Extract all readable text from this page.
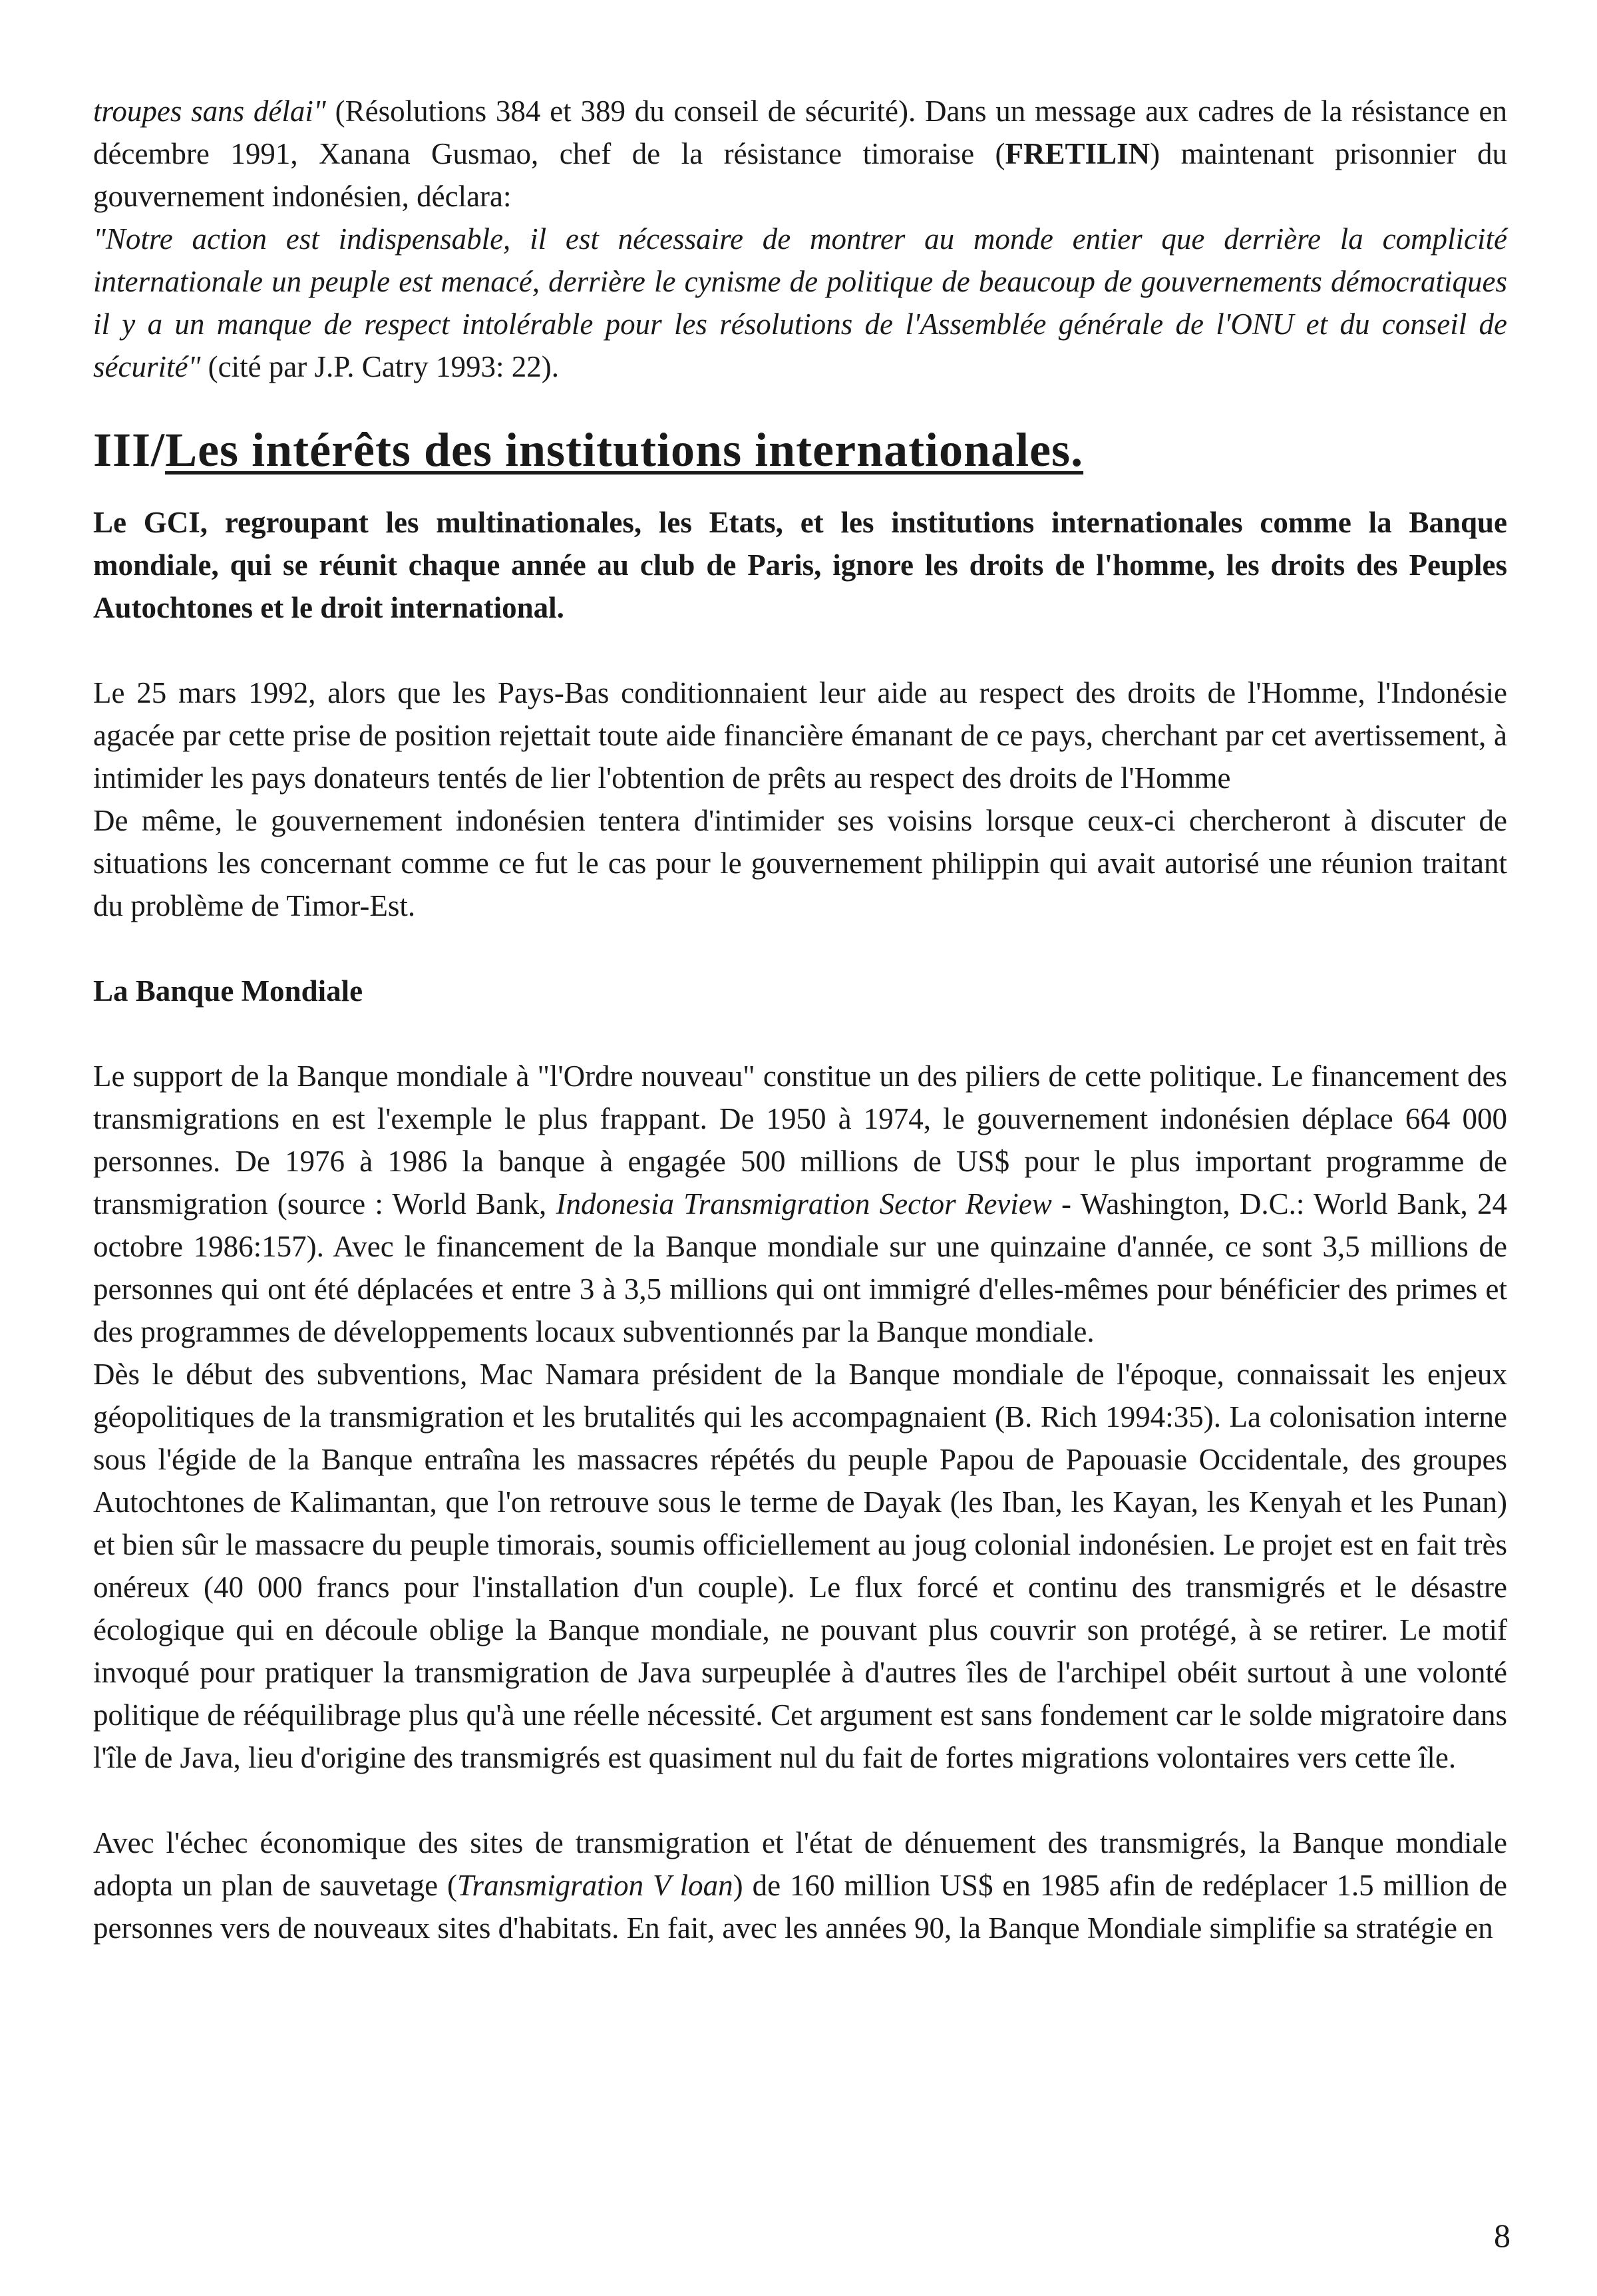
troupes sans délai" (Résolutions 384 et 389 du conseil de sécurité). Dans un message aux cadres de la résistance en décembre 1991, Xanana Gusmao, chef de la résistance timoraise (FRETILIN) maintenant prisonnier du gouvernement indonésien, déclara:
"Notre action est indispensable, il est nécessaire de montrer au monde entier que derrière la complicité internationale un peuple est menacé, derrière le cynisme de politique de beaucoup de gouvernements démocratiques il y a un manque de respect intolérable pour les résolutions de l'Assemblée générale de l'ONU et du conseil de sécurité" (cité par J.P. Catry 1993: 22).

III/Les intérêts des institutions internationales.

Le GCI, regroupant les multinationales, les Etats, et les institutions internationales comme la Banque mondiale, qui se réunit chaque année au club de Paris, ignore les droits de l'homme, les droits des Peuples Autochtones et le droit international.

Le 25 mars 1992, alors que les Pays-Bas conditionnaient leur aide au respect des droits de l'Homme, l'Indonésie agacée par cette prise de position rejettait toute aide financière émanant de ce pays, cherchant par cet avertissement, à intimider les pays donateurs tentés de lier l'obtention de prêts au respect des droits de l'Homme

De même, le gouvernement indonésien tentera d'intimider ses voisins lorsque ceux-ci chercheront à discuter de situations les concernant comme ce fut le cas pour le gouvernement philippin qui avait autorisé une réunion traitant du problème de Timor-Est.

La Banque Mondiale

Le support de la Banque mondiale à "l'Ordre nouveau" constitue un des piliers de cette politique. Le financement des transmigrations en est l'exemple le plus frappant. De 1950 à 1974, le gouvernement indonésien déplace 664 000 personnes. De 1976 à 1986 la banque à engagée 500 millions de US$ pour le plus important programme de transmigration (source : World Bank, Indonesia Transmigration Sector Review - Washington, D.C.: World Bank, 24 octobre 1986:157). Avec le financement de la Banque mondiale sur une quinzaine d'année, ce sont 3,5 millions de personnes qui ont été déplacées et entre 3 à 3,5 millions qui ont immigré d'elles-mêmes pour bénéficier des primes et des programmes de développements locaux subventionnés par la Banque mondiale.

Dès le début des subventions, Mac Namara président de la Banque mondiale de l'époque, connaissait les enjeux géopolitiques de la transmigration et les brutalités qui les accompagnaient (B. Rich 1994:35). La colonisation interne sous l'égide de la Banque entraîna les massacres répétés du peuple Papou de Papouasie Occidentale, des groupes Autochtones de Kalimantan, que l'on retrouve sous le terme de Dayak (les Iban, les Kayan, les Kenyah et les Punan) et bien sûr le massacre du peuple timorais, soumis officiellement au joug colonial indonésien. Le projet est en fait très onéreux (40 000 francs pour l'installation d'un couple). Le flux forcé et continu des transmigrés et le désastre écologique qui en découle oblige la Banque mondiale, ne pouvant plus couvrir son protégé, à se retirer. Le motif invoqué pour pratiquer la transmigration de Java surpeuplée à d'autres îles de l'archipel obéit surtout à une volonté politique de rééquilibrage plus qu'à une réelle nécessité. Cet argument est sans fondement car le solde migratoire dans l'île de Java, lieu d'origine des transmigrés est quasiment nul du fait de fortes migrations volontaires vers cette île.

Avec l'échec économique des sites de transmigration et l'état de dénuement des transmigrés, la Banque mondiale adopta un plan de sauvetage (Transmigration V loan) de 160 million US$ en 1985 afin de redéplacer 1.5 million de personnes vers de nouveaux sites d'habitats. En fait, avec les années 90, la Banque Mondiale simplifie sa stratégie en

8
